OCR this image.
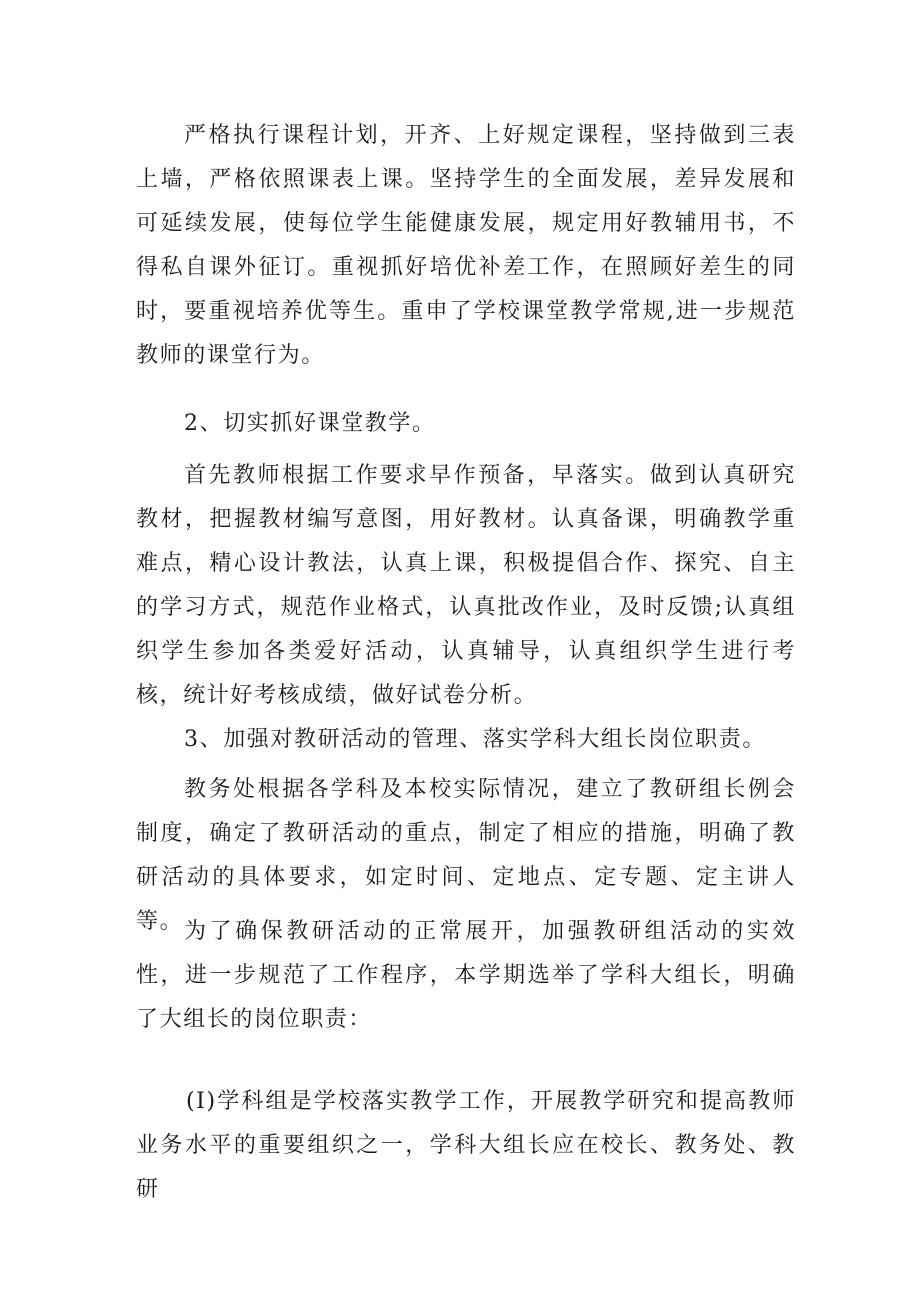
严格执行课程计划，开齐、上好规定课程，坚持做到三表上墙，严格依照课表上课。坚持学生的全面发展，差异发展和可延续发展，使每位学生能健康发展，规定用好教辅用书，不得私自课外征订。重视抓好培优补差工作，在照顾好差生的同时，要重视培养优等生。重申了学校课堂教学常规,进一步规范教师的课堂行为。

2、切实抓好课堂教学。

首先教师根据工作要求早作预备，早落实。做到认真研究教材，把握教材编写意图，用好教材。认真备课，明确教学重难点，精心设计教法，认真上课，积极提倡合作、探究、自主的学习方式，规范作业格式，认真批改作业，及时反馈;认真组织学生参加各类爱好活动，认真辅导，认真组织学生进行考核，统计好考核成绩，做好试卷分析。

3、加强对教研活动的管理、落实学科大组长岗位职责。

教务处根据各学科及本校实际情况，建立了教研组长例会制度，确定了教研活动的重点，制定了相应的措施，明确了教研活动的具体要求，如定时间、定地点、定专题、定主讲人等。 为了确保教研活动的正常展开，加强教研组活动的实效性，进一步规范了工作程序，本学期选举了学科大组长，明确了大组长的岗位职责：

(I)学科组是学校落实教学工作，开展教学研究和提高教师业务水平的重要组织之一，学科大组长应在校长、教务处、教研
